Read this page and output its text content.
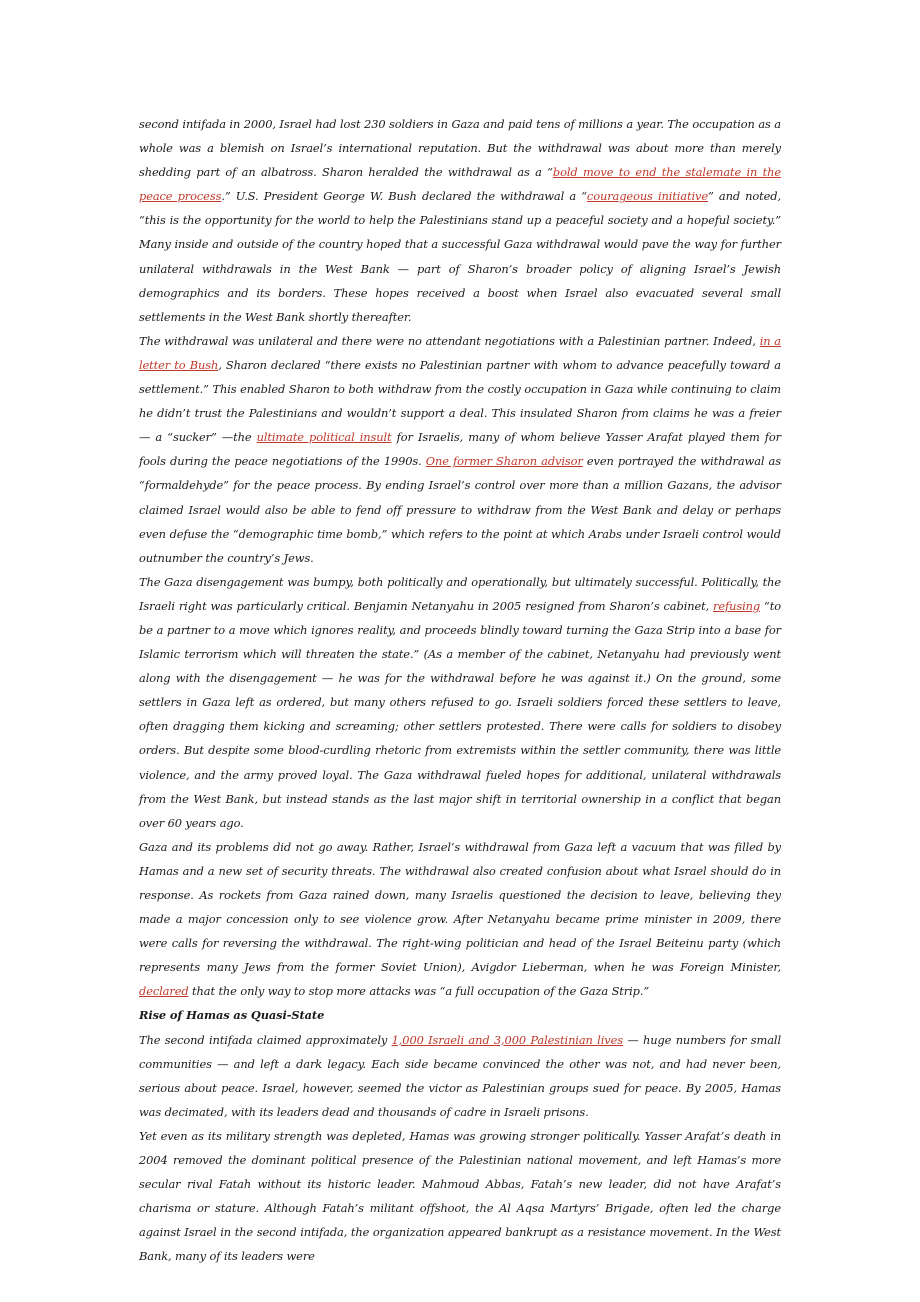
second intifada in 2000, Israel had lost 230 soldiers in Gaza and paid tens of millions a year. The occupation as a whole was a blemish on Israel’s international reputation. But the withdrawal was about more than merely shedding part of an albatross. Sharon heralded the withdrawal as a “bold move to end the stalemate in the peace process.” U.S. President George W. Bush declared the withdrawal a “courageous initiative” and noted, “this is the opportunity for the world to help the Palestinians stand up a peaceful society and a hopeful society.” Many inside and outside of the country hoped that a successful Gaza withdrawal would pave the way for further unilateral withdrawals in the West Bank — part of Sharon’s broader policy of aligning Israel’s Jewish demographics and its borders. These hopes received a boost when Israel also evacuated several small settlements in the West Bank shortly thereafter.

The withdrawal was unilateral and there were no attendant negotiations with a Palestinian partner. Indeed, in a letter to Bush, Sharon declared “there exists no Palestinian partner with whom to advance peacefully toward a settlement.” This enabled Sharon to both withdraw from the costly occupation in Gaza while continuing to claim he didn’t trust the Palestinians and wouldn’t support a deal. This insulated Sharon from claims he was a freier — a “sucker” —the ultimate political insult for Israelis, many of whom believe Yasser Arafat played them for fools during the peace negotiations of the 1990s. One former Sharon advisor even portrayed the withdrawal as “formaldehyde” for the peace process. By ending Israel’s control over more than a million Gazans, the advisor claimed Israel would also be able to fend off pressure to withdraw from the West Bank and delay or perhaps even defuse the “demographic time bomb,” which refers to the point at which Arabs under Israeli control would outnumber the country’s Jews.

The Gaza disengagement was bumpy, both politically and operationally, but ultimately successful. Politically, the Israeli right was particularly critical. Benjamin Netanyahu in 2005 resigned from Sharon’s cabinet, refusing “to be a partner to a move which ignores reality, and proceeds blindly toward turning the Gaza Strip into a base for Islamic terrorism which will threaten the state.” (As a member of the cabinet, Netanyahu had previously went along with the disengagement — he was for the withdrawal before he was against it.) On the ground, some settlers in Gaza left as ordered, but many others refused to go. Israeli soldiers forced these settlers to leave, often dragging them kicking and screaming; other settlers protested. There were calls for soldiers to disobey orders. But despite some blood-curdling rhetoric from extremists within the settler community, there was little violence, and the army proved loyal. The Gaza withdrawal fueled hopes for additional, unilateral withdrawals from the West Bank, but instead stands as the last major shift in territorial ownership in a conflict that began over 60 years ago.

Gaza and its problems did not go away. Rather, Israel’s withdrawal from Gaza left a vacuum that was filled by Hamas and a new set of security threats. The withdrawal also created confusion about what Israel should do in response. As rockets from Gaza rained down, many Israelis questioned the decision to leave, believing they made a major concession only to see violence grow. After Netanyahu became prime minister in 2009, there were calls for reversing the withdrawal. The right-wing politician and head of the Israel Beiteinu party (which represents many Jews from the former Soviet Union), Avigdor Lieberman, when he was Foreign Minister, declared that the only way to stop more attacks was “a full occupation of the Gaza Strip.”

Rise of Hamas as Quasi-State

The second intifada claimed approximately 1,000 Israeli and 3,000 Palestinian lives — huge numbers for small communities — and left a dark legacy. Each side became convinced the other was not, and had never been, serious about peace. Israel, however, seemed the victor as Palestinian groups sued for peace. By 2005, Hamas was decimated, with its leaders dead and thousands of cadre in Israeli prisons.

Yet even as its military strength was depleted, Hamas was growing stronger politically. Yasser Arafat’s death in 2004 removed the dominant political presence of the Palestinian national movement, and left Hamas’s more secular rival Fatah without its historic leader. Mahmoud Abbas, Fatah’s new leader, did not have Arafat’s charisma or stature. Although Fatah’s militant offshoot, the Al Aqsa Martyrs’ Brigade, often led the charge against Israel in the second intifada, the organization appeared bankrupt as a resistance movement. In the West Bank, many of its leaders were
